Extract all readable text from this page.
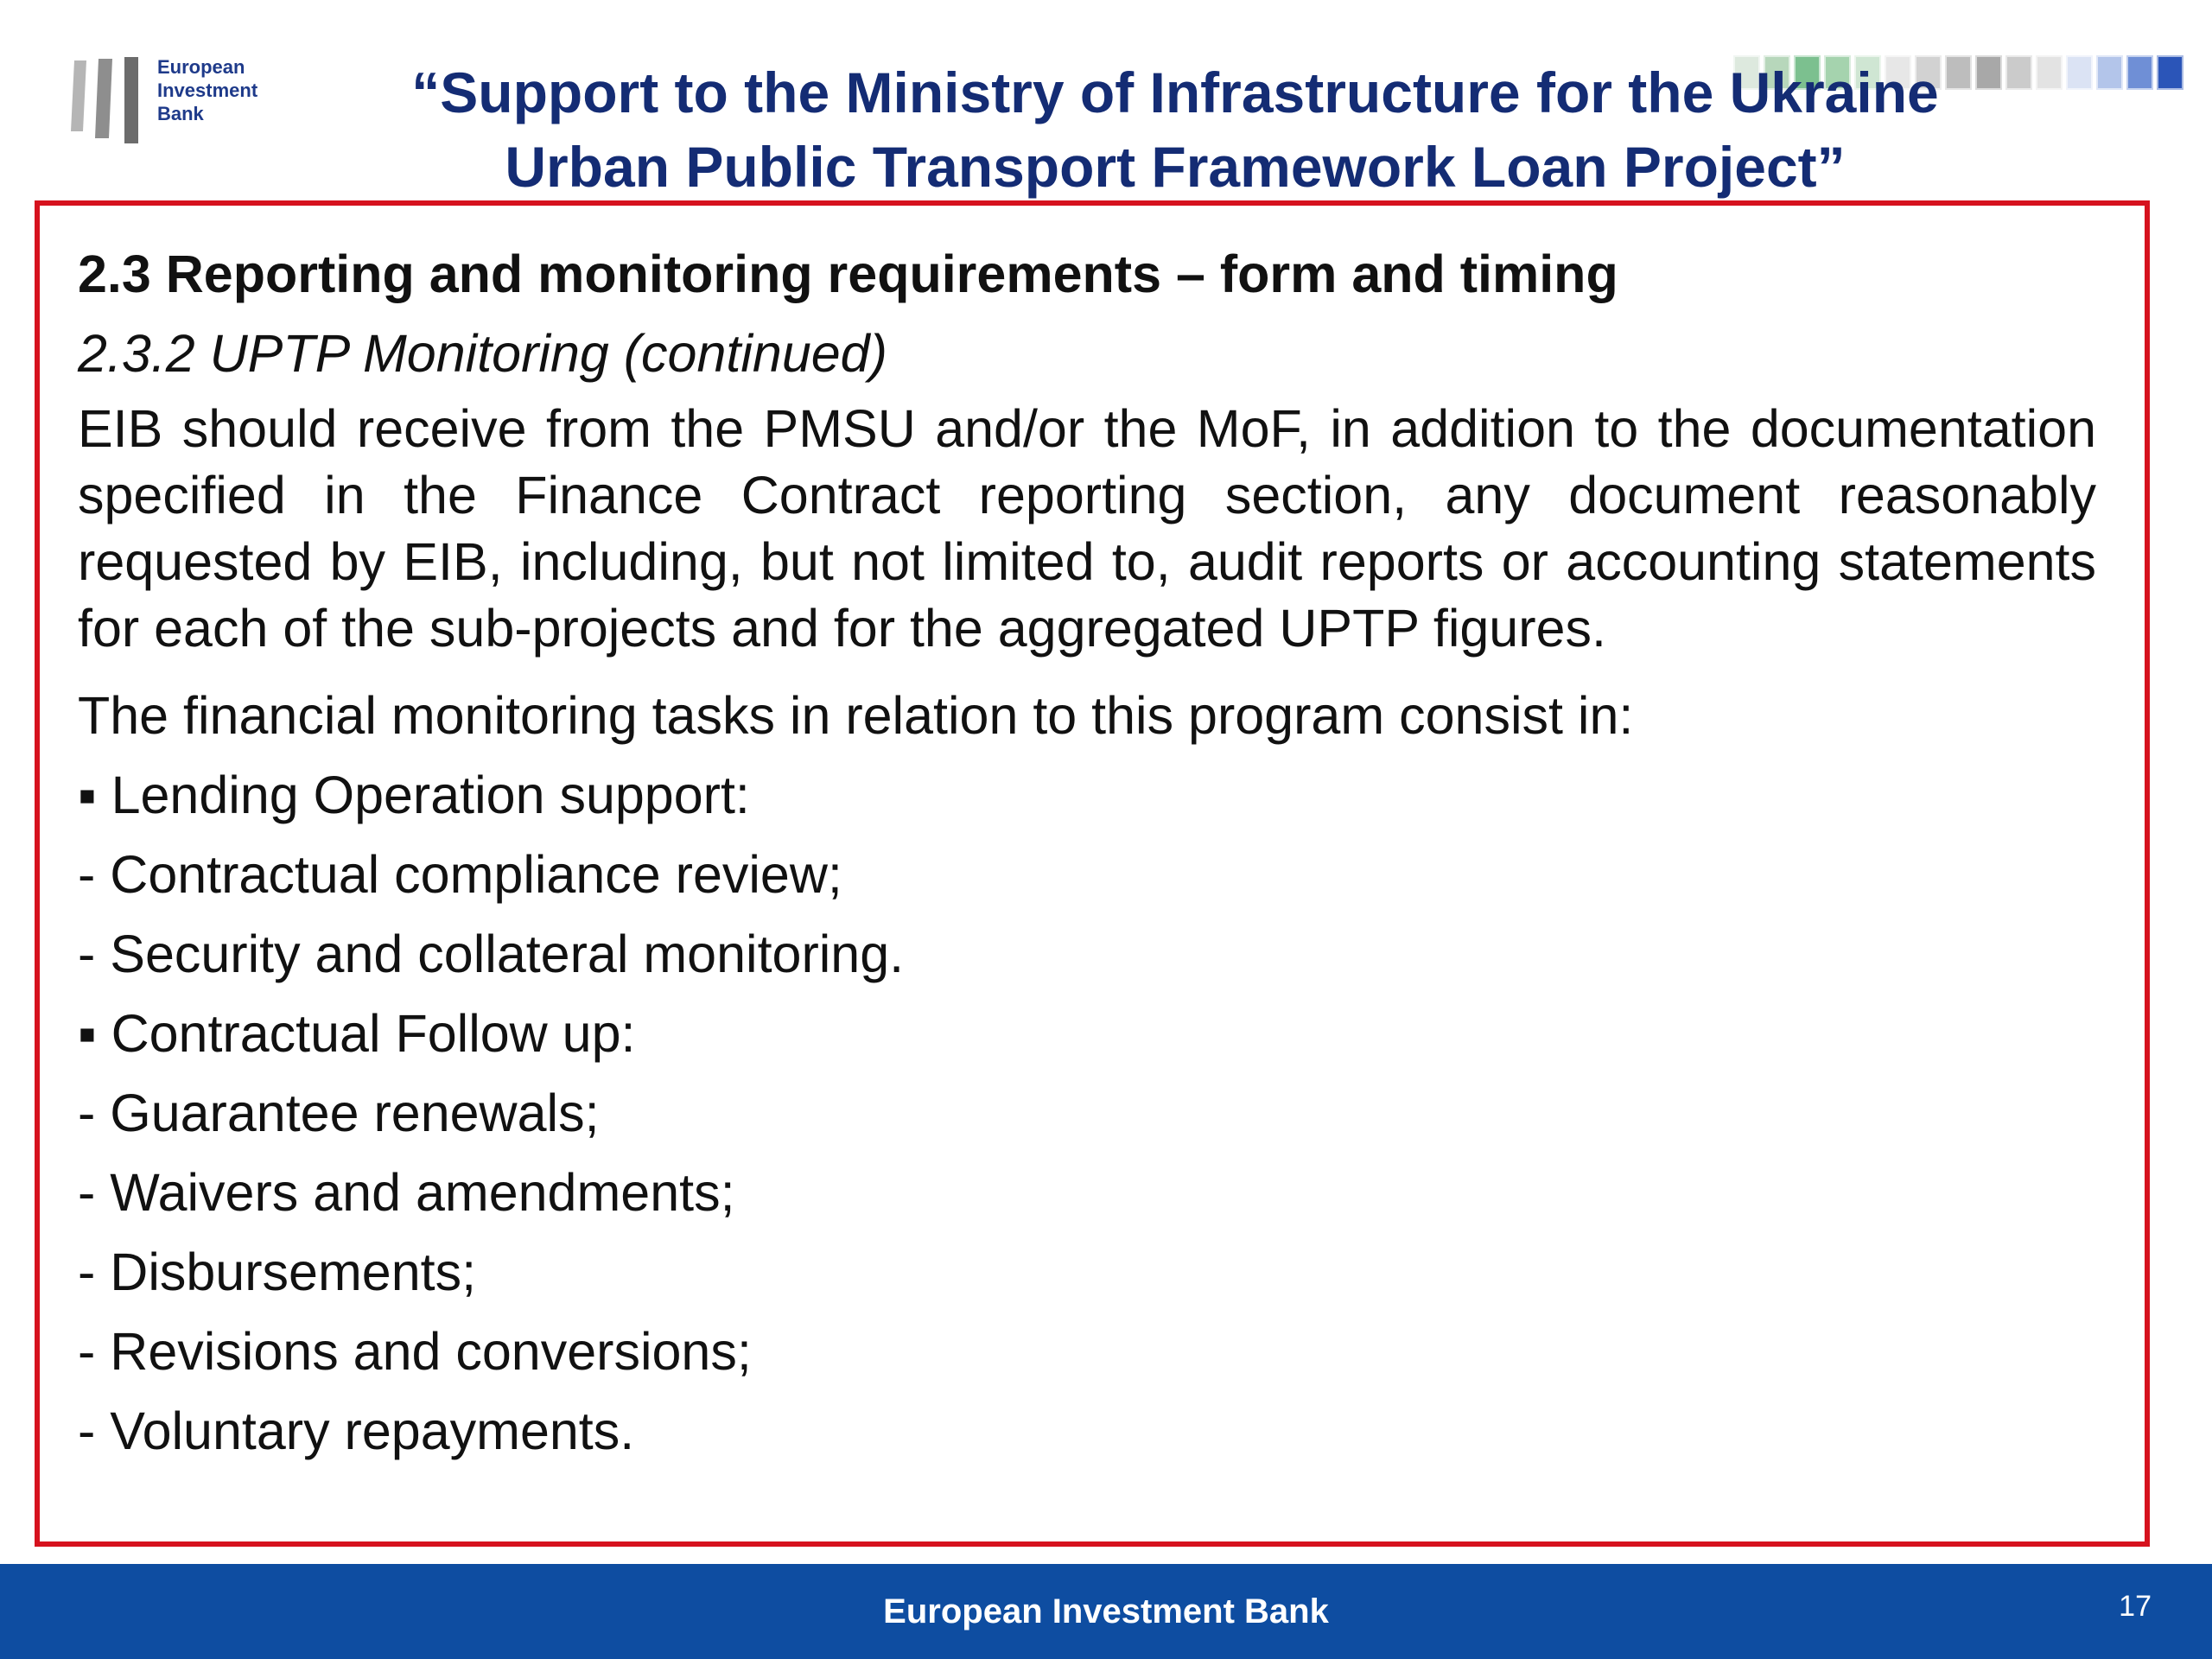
European
Investment
Bank	“Support to the Ministry of Infrastructure for the Ukraine
Urban Public Transport Framework Loan Project”
2.3 Reporting and monitoring requirements – form and timing
2.3.2 UPTP Monitoring (continued)
EIB should receive from the PMSU and/or the MoF, in addition to the documentation specified in the Finance Contract reporting section, any document reasonably requested by EIB, including, but not limited to, audit reports or accounting statements for each of the sub-projects and for the aggregated UPTP figures.
The financial monitoring tasks in relation to this program consist in:
▪ Lending Operation support:
- Contractual compliance review;
- Security and collateral monitoring.
▪ Contractual Follow up:
- Guarantee renewals;
- Waivers and amendments;
- Disbursements;
- Revisions and conversions;
- Voluntary repayments.
European Investment Bank	17
